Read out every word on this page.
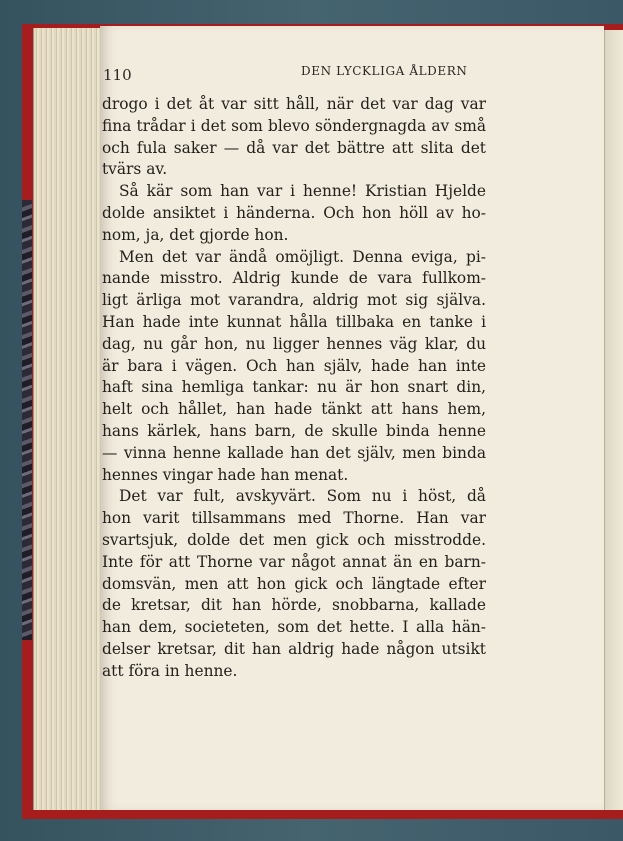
110	DEN LYCKLIGA ÅLDERN
drogo i det åt var sitt håll, när det var dag var
fina trådar i det som blevo söndergnagda av små
och fula saker — då var det bättre att slita det
tvärs av.
Så kär som han var i henne! Kristian Hjelde
dolde ansiktet i händerna. Och hon höll av ho-
nom, ja, det gjorde hon.
Men det var ändå omöjligt. Denna eviga, pi-
nande misstro. Aldrig kunde de vara fullkom-
ligt ärliga mot varandra, aldrig mot sig själva.
Han hade inte kunnat hålla tillbaka en tanke i
dag, nu går hon, nu ligger hennes väg klar, du
är bara i vägen. Och han själv, hade han inte
haft sina hemliga tankar: nu är hon snart din,
helt och hållet, han hade tänkt att hans hem,
hans kärlek, hans barn, de skulle binda henne
— vinna henne kallade han det själv, men binda
hennes vingar hade han menat.
Det var fult, avskyvärt. Som nu i höst, då
hon varit tillsammans med Thorne. Han var
svartsjuk, dolde det men gick och misstrodde.
Inte för att Thorne var något annat än en barn-
domsvän, men att hon gick och längtade efter
de kretsar, dit han hörde, snobbarna, kallade
han dem, societeten, som det hette. I alla hän-
delser kretsar, dit han aldrig hade någon utsikt
att föra in henne.
